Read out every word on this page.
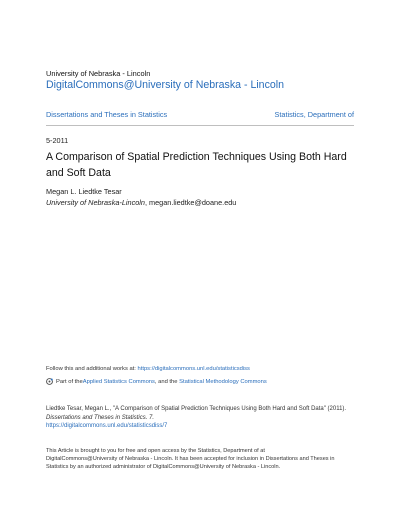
University of Nebraska - Lincoln
DigitalCommons@University of Nebraska - Lincoln
Dissertations and Theses in Statistics	Statistics, Department of
5-2011
A Comparison of Spatial Prediction Techniques Using Both Hard and Soft Data
Megan L. Liedtke Tesar
University of Nebraska-Lincoln, megan.liedtke@doane.edu
Follow this and additional works at: https://digitalcommons.unl.edu/statisticsdiss
Part of the Applied Statistics Commons , and the Statistical Methodology Commons
Liedtke Tesar, Megan L., "A Comparison of Spatial Prediction Techniques Using Both Hard and Soft Data" (2011). Dissertations and Theses in Statistics. 7.
https://digitalcommons.unl.edu/statisticsdiss/7
This Article is brought to you for free and open access by the Statistics, Department of at
DigitalCommons@University of Nebraska - Lincoln. It has been accepted for inclusion in Dissertations and Theses in
Statistics by an authorized administrator of DigitalCommons@University of Nebraska - Lincoln.
